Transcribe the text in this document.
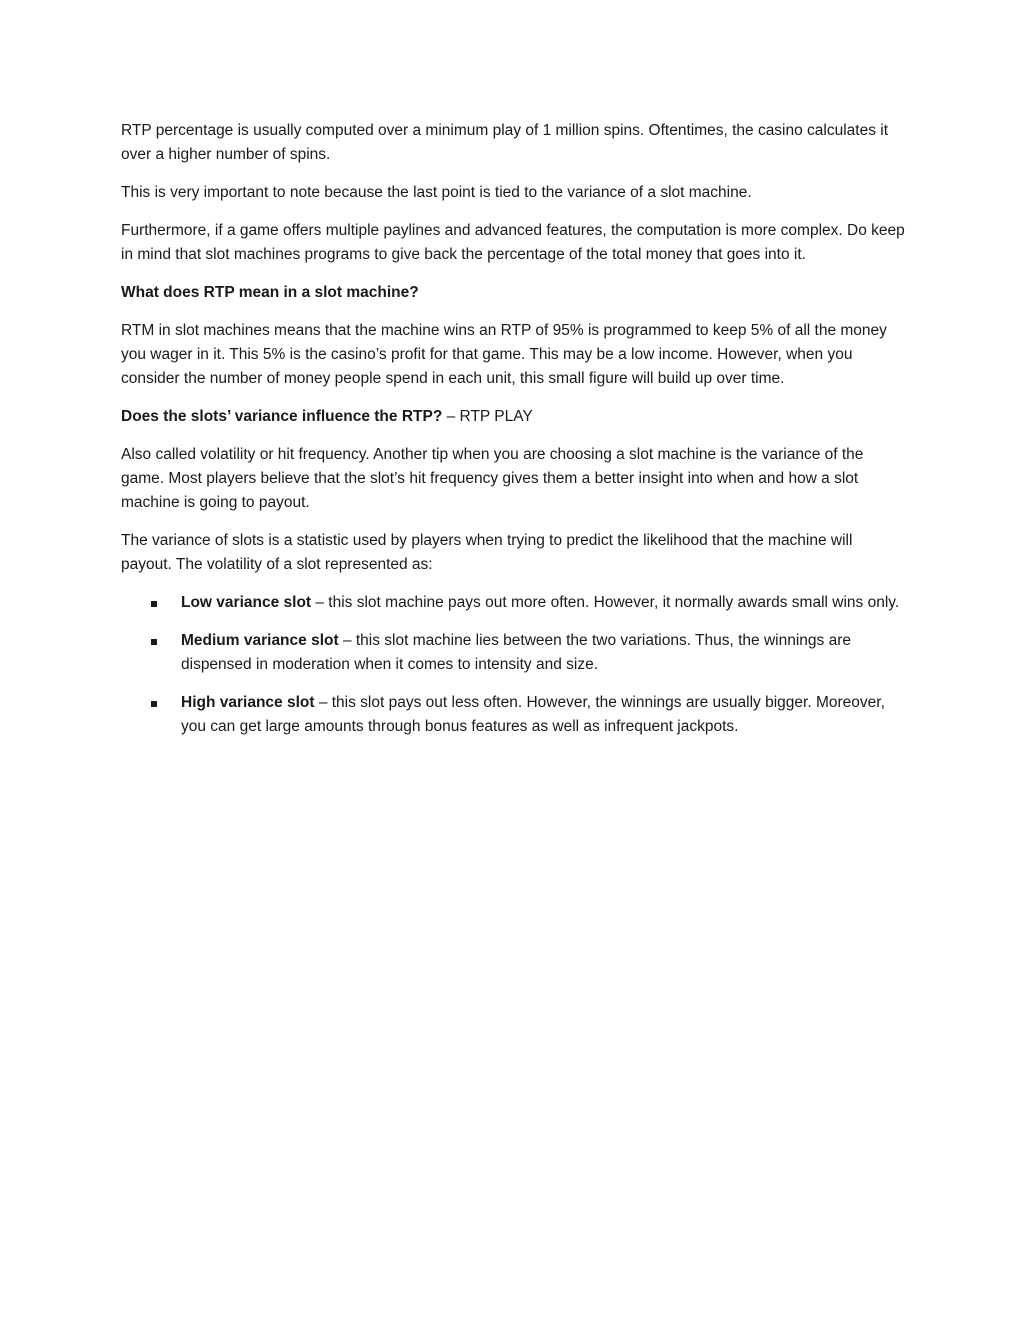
RTP percentage is usually computed over a minimum play of 1 million spins. Oftentimes, the casino calculates it over a higher number of spins.

This is very important to note because the last point is tied to the variance of a slot machine.

Furthermore, if a game offers multiple paylines and advanced features, the computation is more complex. Do keep in mind that slot machines programs to give back the percentage of the total money that goes into it.

What does RTP mean in a slot machine?

RTM in slot machines means that the machine wins an RTP of 95% is programmed to keep 5% of all the money you wager in it. This 5% is the casino’s profit for that game. This may be a low income. However, when you consider the number of money people spend in each unit, this small figure will build up over time.

Does the slots’ variance influence the RTP? – RTP PLAY

Also called volatility or hit frequency. Another tip when you are choosing a slot machine is the variance of the game. Most players believe that the slot’s hit frequency gives them a better insight into when and how a slot machine is going to payout.

The variance of slots is a statistic used by players when trying to predict the likelihood that the machine will payout. The volatility of a slot represented as:

Low variance slot – this slot machine pays out more often. However, it normally awards small wins only.
Medium variance slot – this slot machine lies between the two variations. Thus, the winnings are dispensed in moderation when it comes to intensity and size.
High variance slot – this slot pays out less often. However, the winnings are usually bigger. Moreover, you can get large amounts through bonus features as well as infrequent jackpots.
